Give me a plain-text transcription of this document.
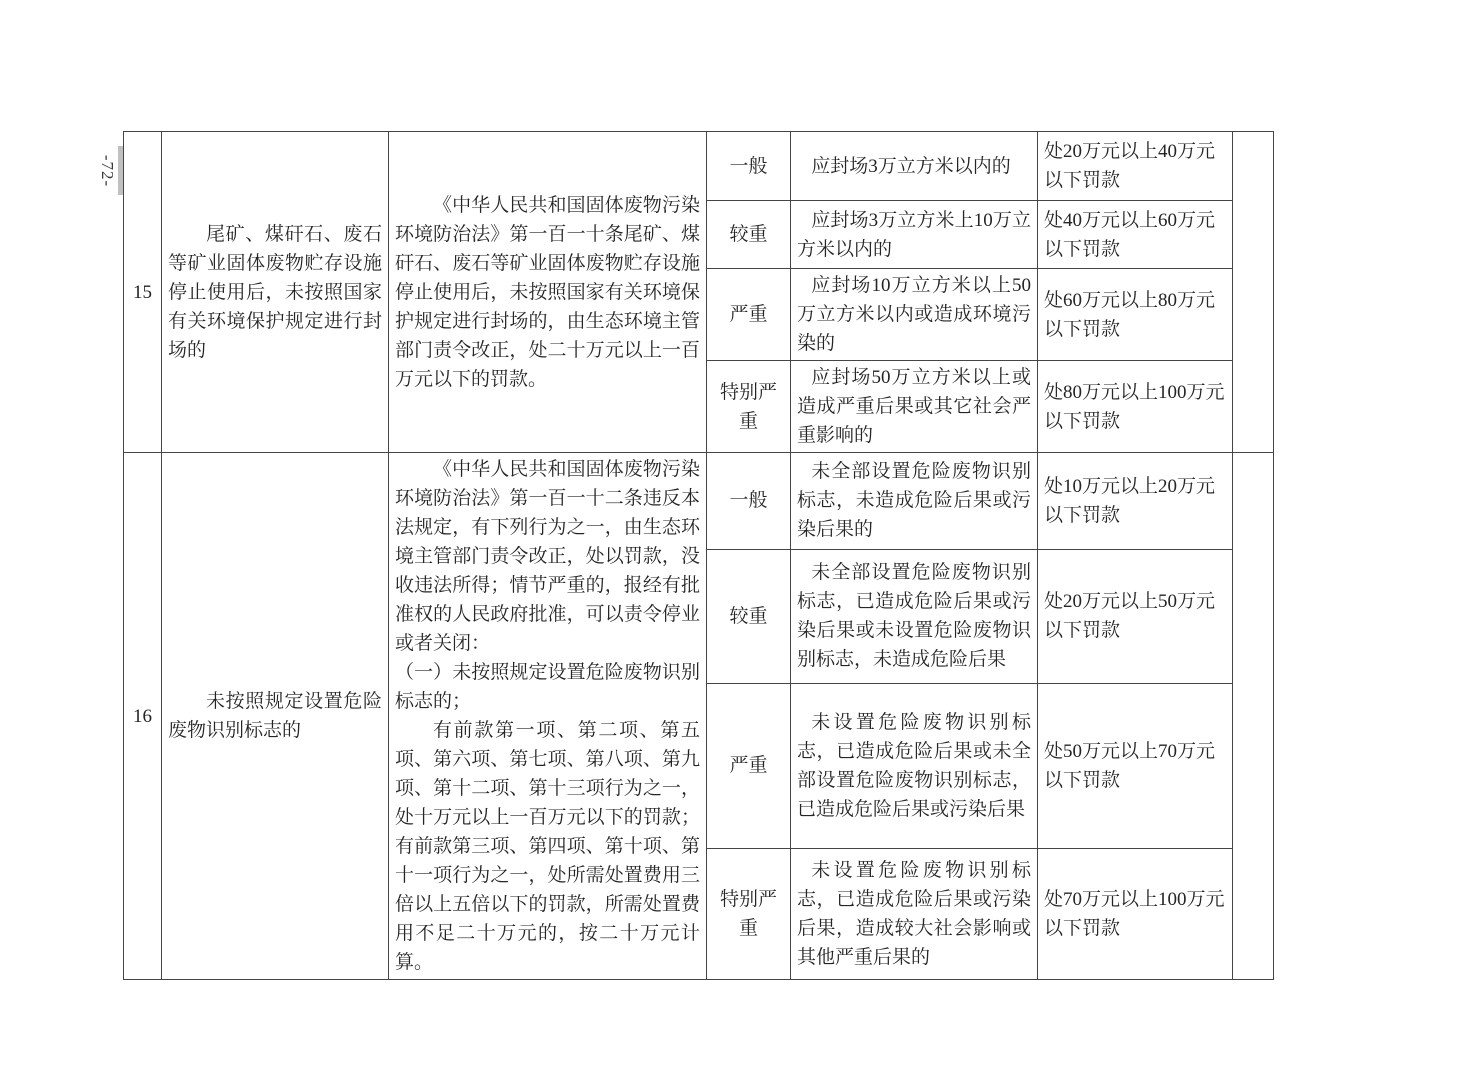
-72-
15	尾矿、煤矸石、废石等矿业固体废物贮存设施停止使用后，未按照国家有关环境保护规定进行封场的	《中华人民共和国固体废物污染环境防治法》第一百一十条尾矿、煤矸石、废石等矿业固体废物贮存设施停止使用后，未按照国家有关环境保护规定进行封场的，由生态环境主管部门责令改正，处二十万元以上一百万元以下的罚款。	一般	应封场3万立方米以内的	处20万元以上40万元以下罚款	

			较重	应封场3万立方米上10万立方米以内的	处40万元以上60万元以下罚款	

			严重	应封场10万立方米以上50万立方米以内或造成环境污染的	处60万元以上80万元以下罚款	

			特别严重	应封场50万立方米以上或造成严重后果或其它社会严重影响的	处80万元以上100万元以下罚款	

16	未按照规定设置危险废物识别标志的	《中华人民共和国固体废物污染环境防治法》第一百一十二条违反本法规定，有下列行为之一，由生态环境主管部门责令改正，处以罚款，没收违法所得；情节严重的，报经有批准权的人民政府批准，可以责令停业或者关闭：

（一）未按照规定设置危险废物识别标志的；

有前款第一项、第二项、第五项、第六项、第七项、第八项、第九项、第十二项、第十三项行为之一，处十万元以上一百万元以下的罚款；有前款第三项、第四项、第十项、第十一项行为之一，处所需处置费用三倍以上五倍以下的罚款，所需处置费用不足二十万元的，按二十万元计算。	一般	未全部设置危险废物识别标志，未造成危险后果或污染后果的	处10万元以上20万元以下罚款	

			较重	未全部设置危险废物识别标志，已造成危险后果或污染后果或未设置危险废物识别标志，未造成危险后果	处20万元以上50万元以下罚款	

			严重	未设置危险废物识别标志，已造成危险后果或未全部设置危险废物识别标志，已造成危险后果或污染后果	处50万元以上70万元以下罚款	

			特别严重	未设置危险废物识别标志，已造成危险后果或污染后果，造成较大社会影响或其他严重后果的	处70万元以上100万元以下罚款	
